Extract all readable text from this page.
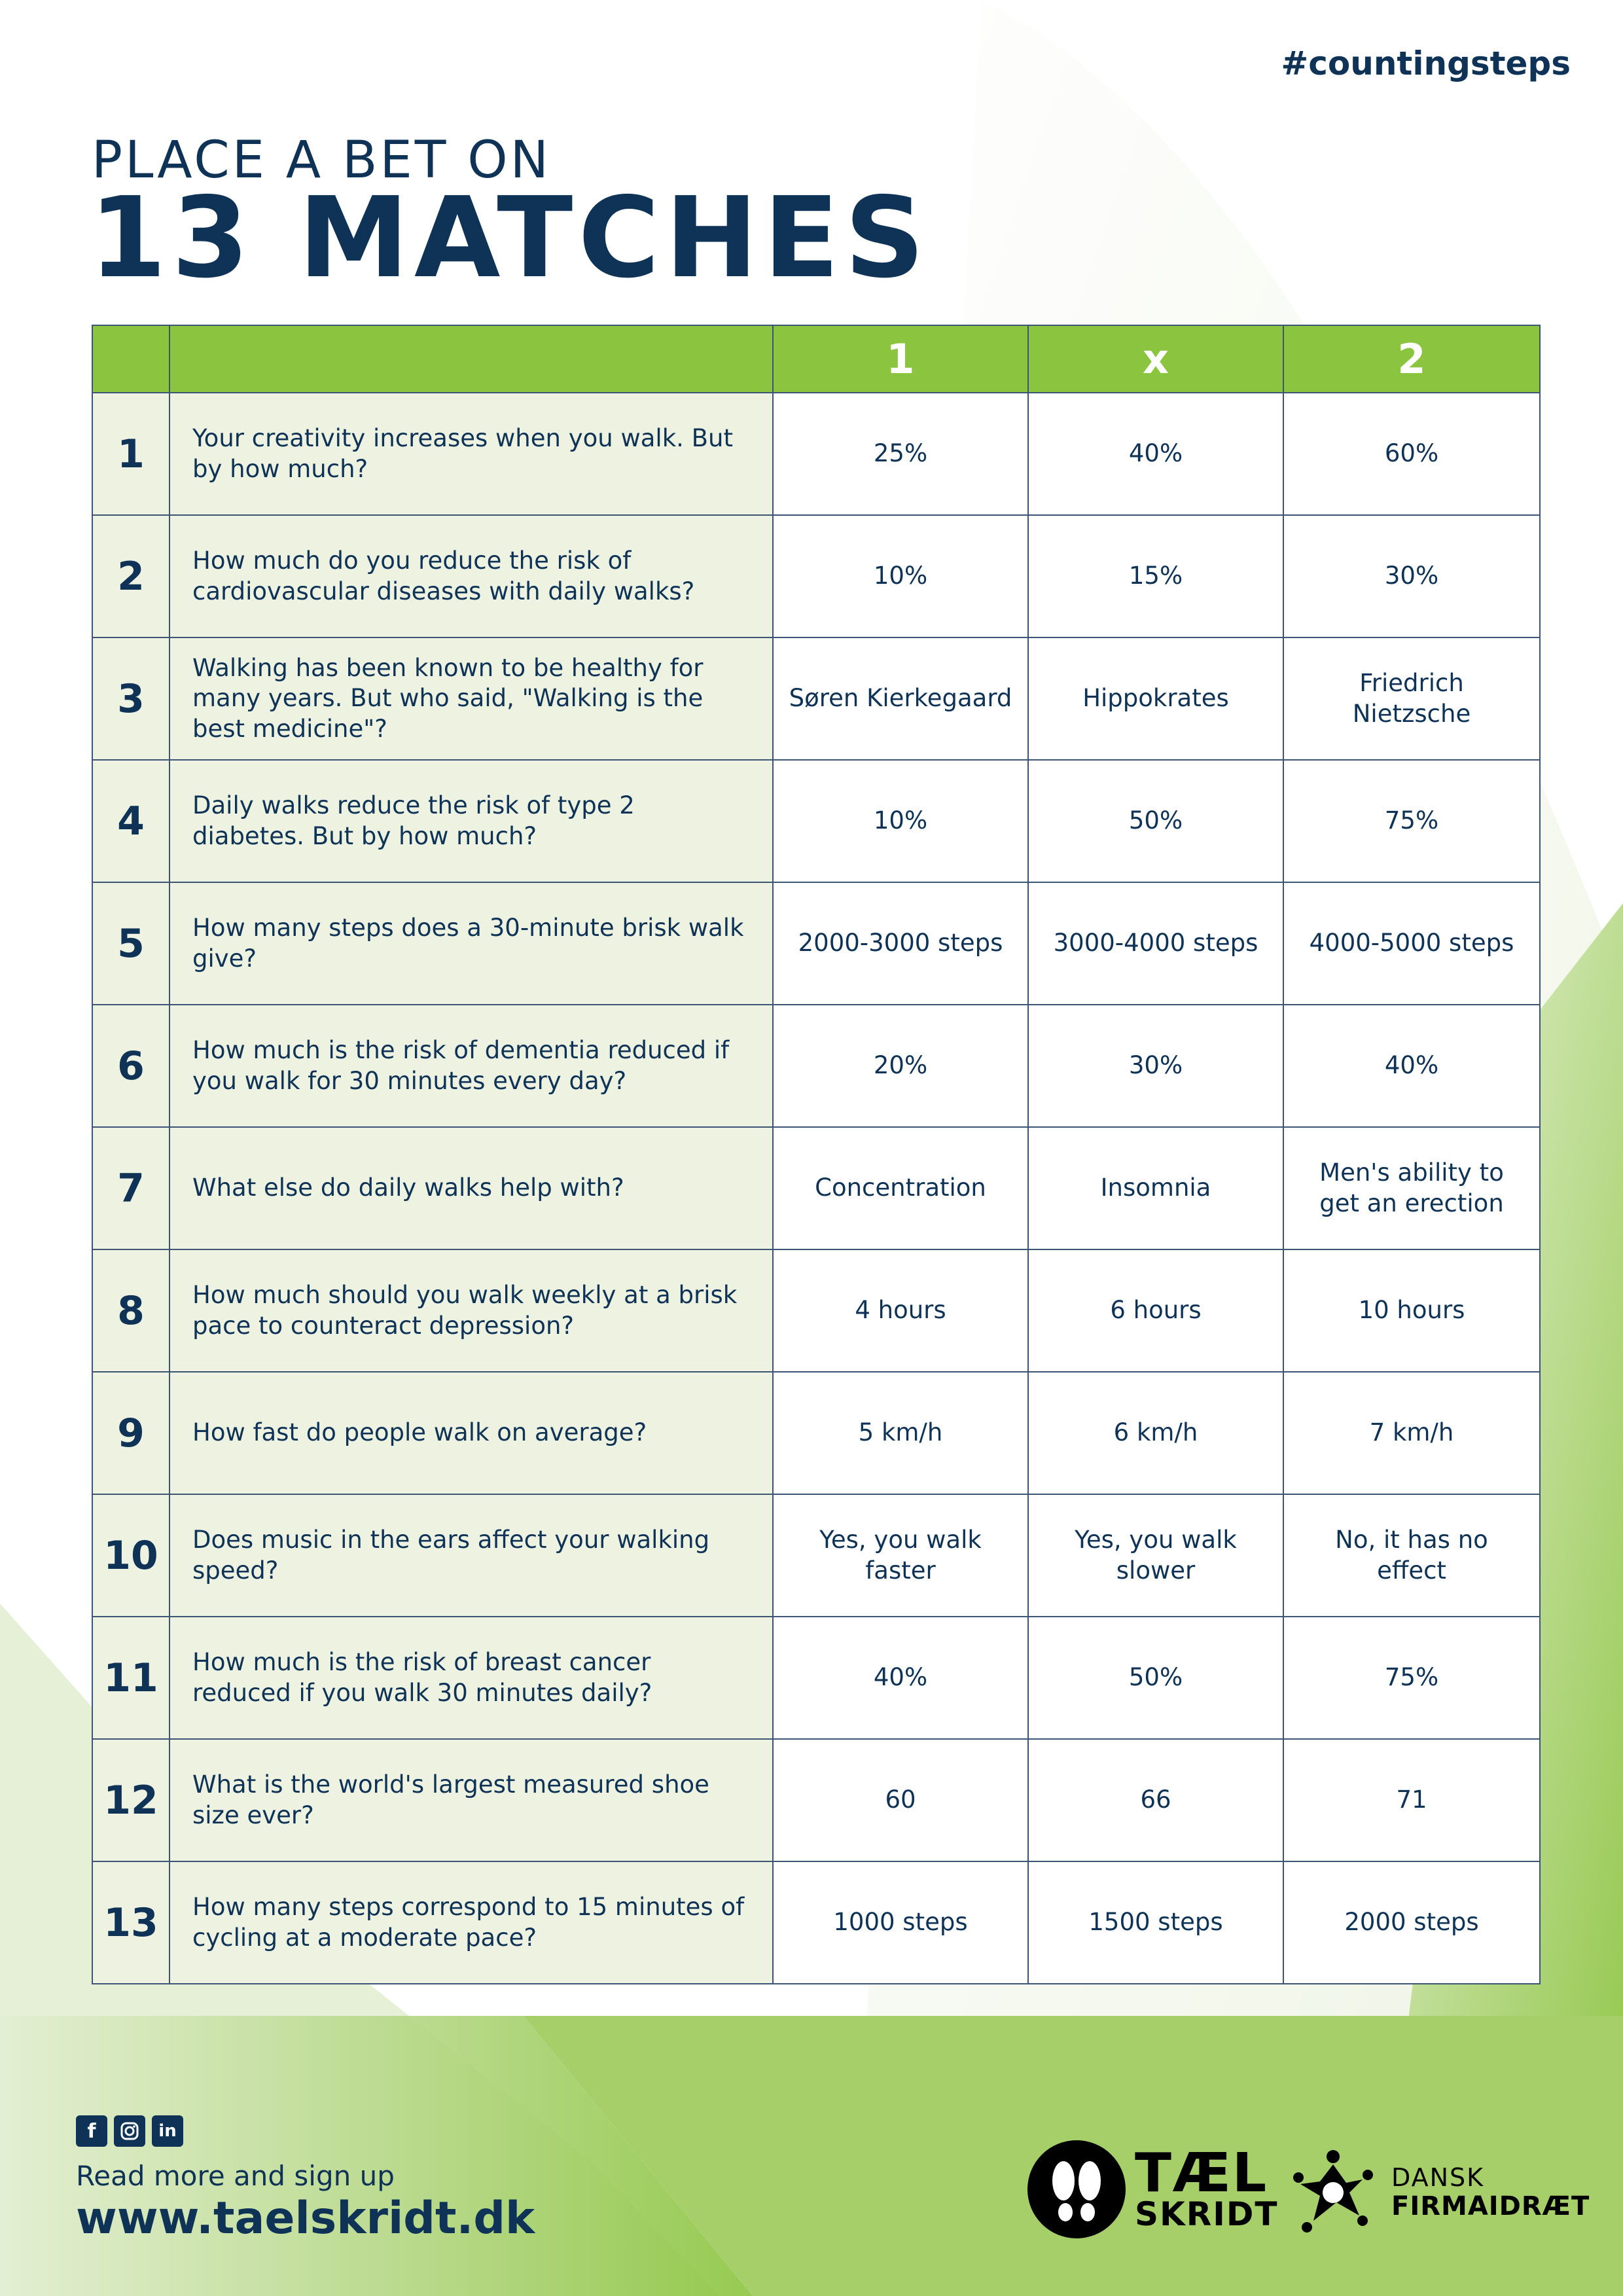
#countingsteps
PLACE A BET ON
13 MATCHES
		1	x	2
1	Your creativity increases when you walk. But by how much?	25%	40%	60%
2	How much do you reduce the risk of cardiovascular diseases with daily walks?	10%	15%	30%
3	Walking has been known to be healthy for many years. But who said, "Walking is the best medicine"?	Søren Kierkegaard	Hippokrates	Friedrich Nietzsche
4	Daily walks reduce the risk of type 2 diabetes. But by how much?	10%	50%	75%
5	How many steps does a 30-minute brisk walk give?	2000-3000 steps	3000-4000 steps	4000-5000 steps
6	How much is the risk of dementia reduced if you walk for 30 minutes every day?	20%	30%	40%
7	What else do daily walks help with?	Concentration	Insomnia	Men's ability to get an erection
8	How much should you walk weekly at a brisk pace to counteract depression?	4 hours	6 hours	10 hours
9	How fast do people walk on average?	5 km/h	6 km/h	7 km/h
10	Does music in the ears affect your walking speed?	Yes, you walk faster	Yes, you walk slower	No, it has no effect
11	How much is the risk of breast cancer reduced if you walk 30 minutes daily?	40%	50%	75%
12	What is the world's largest measured shoe size ever?	60	66	71
13	How many steps correspond to 15 minutes of cycling at a moderate pace?	1000 steps	1500 steps	2000 steps
f	in
Read more and sign up
www.taelskridt.dk
TÆL
SKRIDT
DANSK
FIRMAIDRÆT
